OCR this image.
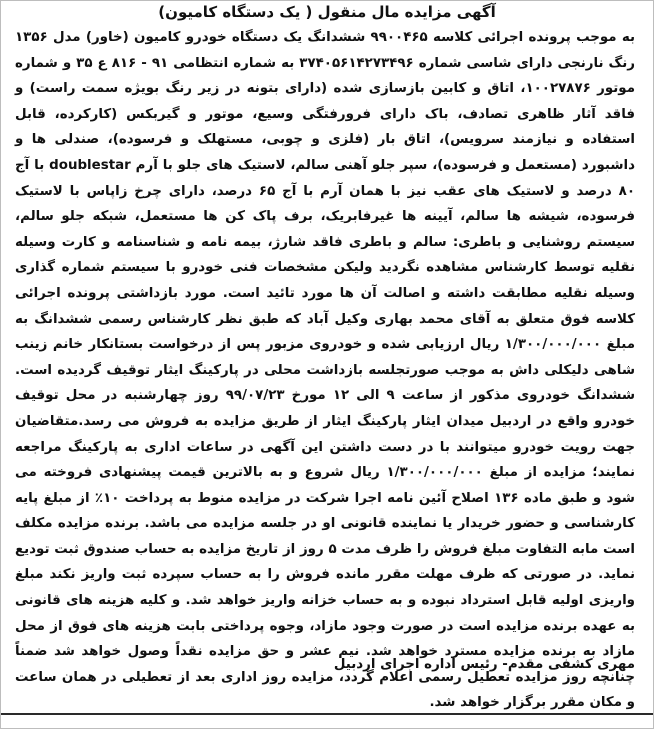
آگهی مزایده مال منقول ( یک دستگاه کامیون)

به موجب پرونده اجرائی کلاسه ۹۹۰۰۴۶۵ ششدانگ یک دستگاه خودرو کامیون (خاور) مدل ۱۳۵۶ رنگ نارنجی دارای شاسی شماره ۳۷۴۰۵۶۱۴۲۷۳۴۹۶ به شماره انتظامی ۹۱ - ۸۱۶ ع ۳۵ و شماره موتور ۱۰۰۲۷۸۷۶، اتاق و کابین بازسازی شده (دارای بتونه در زیر رنگ بویژه سمت راست) و فاقد آثار ظاهری تصادف، باک دارای فرورفتگی وسیع، موتور و گیربکس (کارکرده، قابل استفاده و نیازمند سرویس)، اتاق بار (فلزی و چوبی، مستهلک و فرسوده)، صندلی ها و داشبورد (مستعمل و فرسوده)، سپر جلو آهنی سالم، لاستیک های جلو با آرم doublestar با آج ۸۰ درصد و لاستیک های عقب نیز با همان آرم با آج ۶۵ درصد، دارای چرخ زاپاس با لاستیک فرسوده، شیشه ها سالم، آیینه ها غیرفابریک، برف پاک کن ها مستعمل، شبکه جلو سالم، سیستم روشنایی و باطری: سالم و باطری فاقد شارژ، بیمه نامه و شناسنامه و کارت وسیله نقلیه توسط کارشناس مشاهده نگردید ولیکن مشخصات فنی خودرو با سیستم شماره گذاری وسیله نقلیه مطابقت داشته و اصالت آن ها مورد تائید است. مورد بازداشتی پرونده اجرائی کلاسه فوق متعلق به آقای محمد بهاری وکیل آباد که طبق نظر کارشناس رسمی ششدانگ به مبلغ ۱/۳۰۰/۰۰۰/۰۰۰ ریال ارزیابی شده و خودروی مزبور پس از درخواست بستانکار خانم زینب شاهی دلیکلی داش به موجب صورتجلسه بازداشت محلی در پارکینگ ایثار توقیف گردیده است. ششدانگ خودروی مذکور از ساعت ۹ الی ۱۲ مورخ ۹۹/۰۷/۲۳ روز چهارشنبه در محل توقیف خودرو واقع در اردبیل میدان ایثار پارکینگ ایثار از طریق مزایده به فروش می رسد.متقاضیان جهت رویت خودرو میتوانند با در دست داشتن این آگهی در ساعات اداری به پارکینگ مراجعه نمایند؛ مزایده از مبلغ ۱/۳۰۰/۰۰۰/۰۰۰ ریال شروع و به بالاترین قیمت پیشنهادی فروخته می شود و طبق ماده ۱۳۶ اصلاح آئین نامه اجرا شرکت در مزایده منوط به پرداخت ۱۰٪ از مبلغ پایه کارشناسی و حضور خریدار یا نماینده قانونی او در جلسه مزایده می باشد. برنده مزایده مکلف است مابه التفاوت مبلغ فروش را ظرف مدت ۵ روز از تاریخ مزایده به حساب صندوق ثبت تودیع نماید. در صورتی که ظرف مهلت مقرر مانده فروش را به حساب سپرده ثبت واریز نکند مبلغ واریزی اولیه قابل استرداد نبوده و به حساب خزانه واریز خواهد شد. و کلیه هزینه های قانونی به عهده برنده مزایده است در صورت وجود مازاد، وجوه پرداختی بابت هزینه های فوق از محل مازاد به برنده مزایده مسترد خواهد شد. نیم عشر و حق مزایده نقداً وصول خواهد شد ضمناً چنانچه روز مزایده تعطیل رسمی اعلام گردد، مزایده روز اداری بعد از تعطیلی در همان ساعت و مکان مقرر برگزار خواهد شد.

مهری کشفی مقدم- رئیس اداره اجرای اردبیل
